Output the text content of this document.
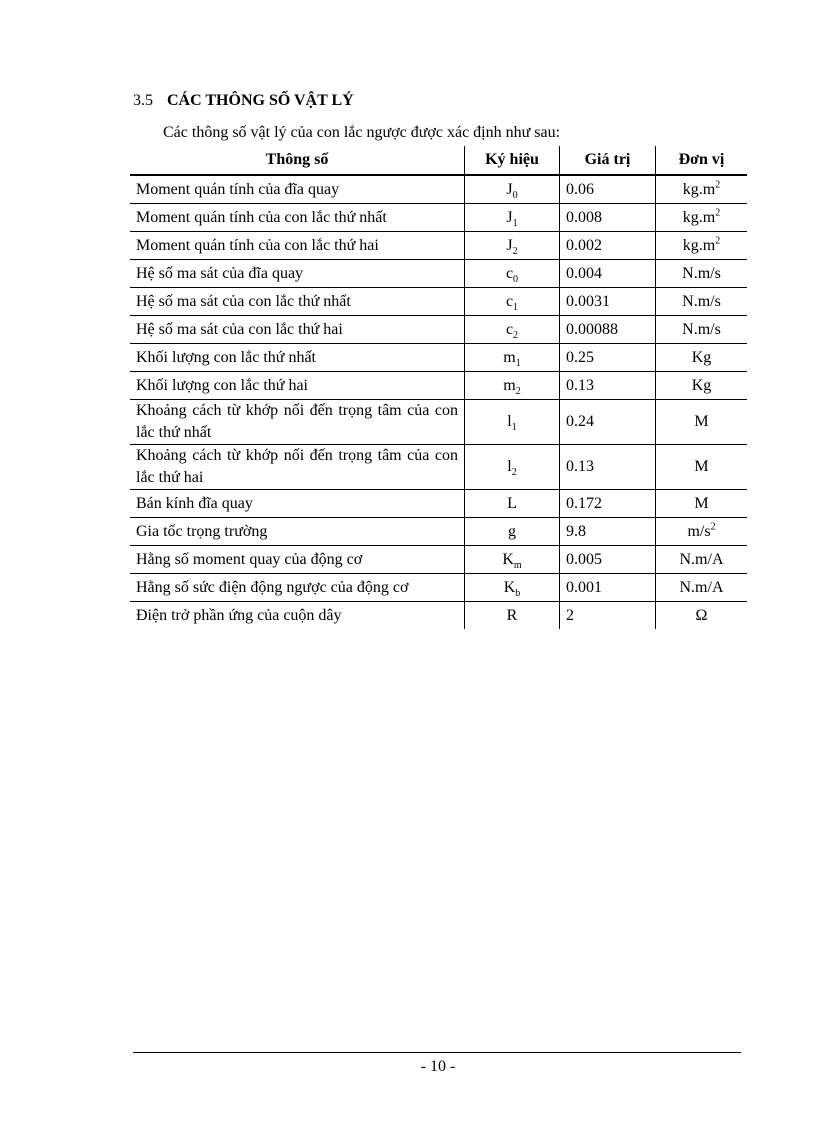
3.5 CÁC THÔNG SỐ VẬT LÝ
Các thông số vật lý của con lắc ngược được xác định như sau:
Thông số	Ký hiệu	Giá trị	Đơn vị
Moment quán tính của đĩa quay	$J_0$	0.06	$kg.m^2$
Moment quán tính của con lắc thứ nhất	$J_1$	0.008	$kg.m^2$
Moment quán tính của con lắc thứ hai	$J_2$	0.002	$kg.m^2$
Hệ số ma sát của đĩa quay	$c_0$	0.004	N.m/s
Hệ số ma sát của con lắc thứ nhất	$c_1$	0.0031	N.m/s
Hệ số ma sát của con lắc thứ hai	$c_2$	0.00088	N.m/s
Khối lượng con lắc thứ nhất	$m_1$	0.25	Kg
Khối lượng con lắc thứ hai	$m_2$	0.13	Kg
Khoảng cách từ khớp nối đến trọng tâm của con lắc thứ nhất	$l_1$	0.24	M
Khoảng cách từ khớp nối đến trọng tâm của con lắc thứ hai	$l_2$	0.13	M
Bán kính đĩa quay	L	0.172	M
Gia tốc trọng trường	g	9.8	$m/s^2$
Hằng số moment quay của động cơ	$K_m$	0.005	N.m/A
Hằng số sức điện động ngược của động cơ	$K_b$	0.001	N.m/A
Điện trở phần ứng của cuộn dây	R	2	Ω
- 10 -
